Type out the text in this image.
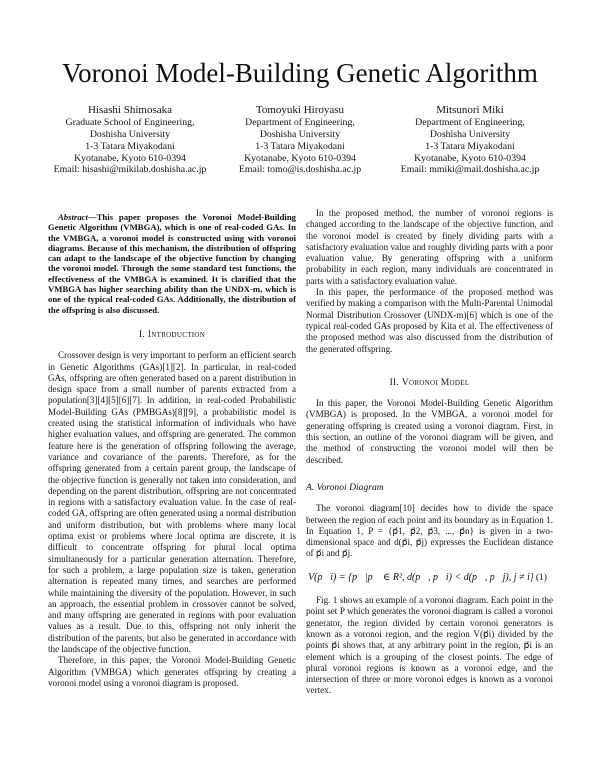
Voronoi Model-Building Genetic Algorithm
Hisashi Shimosaka
Graduate School of Engineering,
Doshisha University
1-3 Tatara Miyakodani
Kyotanabe, Kyoto 610-0394
Email: hisashi@mikilab.doshisha.ac.jp
Tomoyuki Hiroyasu
Department of Engineering,
Doshisha University
1-3 Tatara Miyakodani
Kyotanabe, Kyoto 610-0394
Email: tomo@is.doshisha.ac.jp
Mitsunori Miki
Department of Engineering,
Doshisha University
1-3 Tatara Miyakodani
Kyotanabe, Kyoto 610-0394
Email: mmiki@mail.doshisha.ac.jp

Abstract—This paper proposes the Voronoi Model-Building Genetic Algorithm (VMBGA), which is one of real-coded GAs. In the VMBGA, a voronoi model is constructed using with voronoi diagrams. Because of this mechanism, the distribution of offspring can adapt to the landscape of the objective function by changing the voronoi model. Through the some standard test functions, the effectiveness of the VMBGA is examined. It is clarified that the VMBGA has higher searching ability than the UNDX-m, which is one of the typical real-coded GAs. Additionally, the distribution of the offspring is also discussed.

I. Introduction

Crossover design is very important to perform an efficient search in Genetic Algorithms (GAs)[1][2]. In particular, in real-coded GAs, offspring are often generated based on a parent distribution in design space from a small number of parents extracted from a population[3][4][5][6][7]. In addition, in real-coded Probabilistic Model-Building GAs (PMBGAs)[8][9], a probabilistic model is created using the statistical information of individuals who have higher evaluation values, and offspring are generated. The common feature here is the generation of offspring following the average, variance and covariance of the parents. Therefore, as for the offspring generated from a certain parent group, the landscape of the objective function is generally not taken into consideration, and depending on the parent distribution, offspring are not concentrated in regions with a satisfactory evaluation value. In the case of real-coded GA, offspring are often generated using a normal distribution and uniform distribution, but with problems where many local optima exist or problems where local optima are discrete, it is difficult to concentrate offspring for plural local optima simultaneously for a particular generation alternation. Therefore, for such a problem, a large population size is taken, generation alternation is repeated many times, and searches are performed while maintaining the diversity of the population. However, in such an approach, the essential problem in crossover cannot be solved, and many offspring are generated in regions with poor evaluation values as a result. Due to this, offspring not only inherit the distribution of the parents, but also be generated in accordance with the landscape of the objective function.

Therefore, in this paper, the Voronoi Model-Building Genetic Algorithm (VMBGA) which generates offspring by creating a voronoi model using a voronoi diagram is proposed.

In the proposed method, the number of voronoi regions is changed according to the landscape of the objective function, and the voronoi model is created by finely dividing parts with a satisfactory evaluation value and roughly dividing parts with a poor evaluation value. By generating offspring with a uniform probability in each region, many individuals are concentrated in parts with a satisfactory evaluation value.

In this paper, the performance of the proposed method was verified by making a comparison with the Multi-Parental Unimodal Normal Distribution Crossover (UNDX-m)[6] which is one of the typical real-coded GAs proposed by Kita et al. The effectiveness of the proposed method was also discussed from the distribution of the generated offspring.

II. Voronoi Model

In this paper, the Voronoi Model-Building Genetic Algorithm (VMBGA) is proposed. In the VMBGA, a voronoi model for generating offspring is created using a voronoi diagram. First, in this section, an outline of the voronoi diagram will be given, and the method of constructing the voronoi model will then be described.

A. Voronoi Diagram

The voronoi diagram[10] decides how to divide the space between the region of each point and its boundary as in Equation 1. In Equation 1, P = {p⃗1, p⃗2, p⃗3, ..., p⃗n} is given in a two-dimensional space and d(p⃗i, p⃗j) expresses the Euclidean distance of p⃗i and p⃗j.

V(p⃗i) = {p⃗|p⃗ ∈ R², d(p⃗, p⃗i) < d(p⃗, p⃗j), j ≠ i} (1)

Fig. 1 shows an example of a voronoi diagram. Each point in the point set P which generates the voronoi diagram is called a voronoi generator, the region divided by certain voronoi generators is known as a voronoi region, and the region V(p⃗i) divided by the points p⃗i shows that, at any arbitrary point in the region, p⃗i is an element which is a grouping of the closest points. The edge of plural voronoi regions is known as a voronoi edge, and the intersection of three or more voronoi edges is known as a voronoi vertex.
